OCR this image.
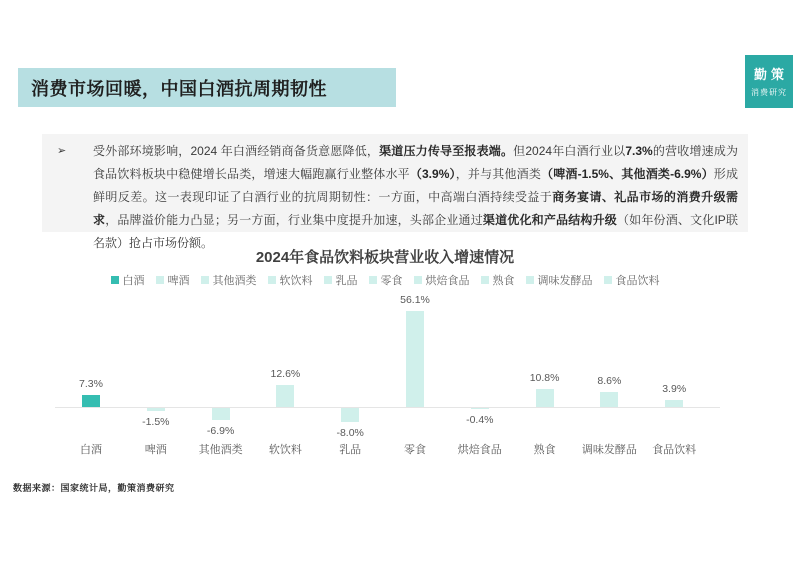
消费市场回暖，中国白酒抗周期韧性
勤策
消费研究
➢	受外部环境影响，2024 年白酒经销商备货意愿降低，渠道压力传导至报表端。但2024年白酒行业以7.3%的营收增速成为食品饮料板块中稳健增长品类，增速大幅跑赢行业整体水平（3.9%），并与其他酒类（啤酒-1.5%、其他酒类-6.9%）形成鲜明反差。这一表现印证了白酒行业的抗周期韧性：一方面，中高端白酒持续受益于商务宴请、礼品市场的消费升级需求，品牌溢价能力凸显；另一方面，行业集中度提升加速，头部企业通过渠道优化和产品结构升级（如年份酒、文化IP联名款）抢占市场份额。

2024年食品饮料板块营业收入增速情况
白酒 啤酒 其他酒类 软饮料 乳品 零食 烘焙食品 熟食 调味发酵品 食品饮料
7.3%
白酒
-1.5%
啤酒
-6.9%
其他酒类
12.6%
软饮料
-8.0%
乳品
56.1%
零食
-0.4%
烘焙食品
10.8%
熟食
8.6%
调味发酵品
3.9%
食品饮料
数据来源：国家统计局，勤策消费研究
